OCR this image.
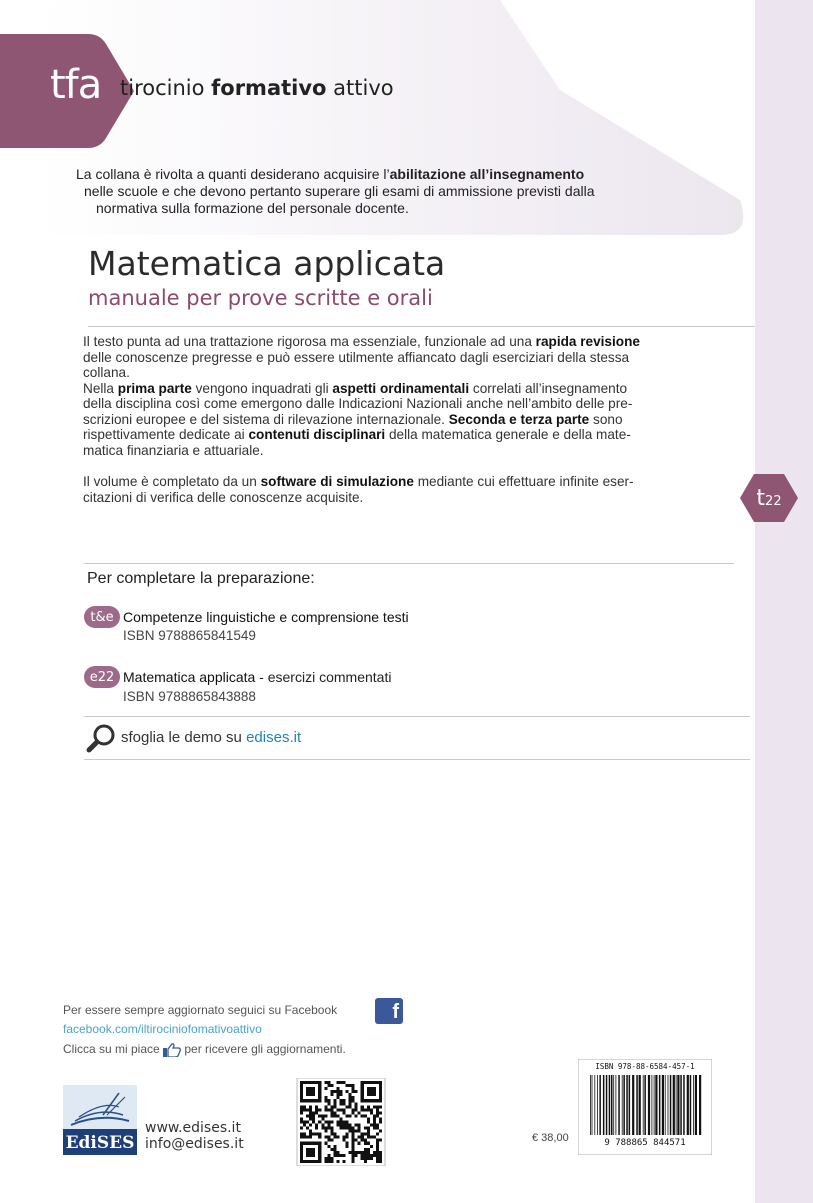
tfa tirocinio formativo attivo
La collana è rivolta a quanti desiderano acquisire l’abilitazione all’insegnamento
nelle scuole e che devono pertanto superare gli esami di ammissione previsti dalla
normativa sulla formazione del personale docente.
Matematica applicata
manuale per prove scritte e orali
Il testo punta ad una trattazione rigorosa ma essenziale, funzionale ad una rapida revisione
delle conoscenze pregresse e può essere utilmente affiancato dagli eserciziari della stessa
collana.
Nella prima parte vengono inquadrati gli aspetti ordinamentali correlati all’insegnamento
della disciplina così come emergono dalle Indicazioni Nazionali anche nell’ambito delle pre-
scrizioni europee e del sistema di rilevazione internazionale. Seconda e terza parte sono
rispettivamente dedicate ai contenuti disciplinari della matematica generale e della mate-
matica finanziaria e attuariale.
Il volume è completato da un software di simulazione mediante cui effettuare infinite eser-
citazioni di verifica delle conoscenze acquisite.	$t_{22}$
Per completare la preparazione:
t&e Competenze linguistiche e comprensione testi
ISBN 9788865841549
e22 Matematica applicata - esercizi commentati
ISBN 9788865843888
sfoglia le demo su edises.it
Per essere sempre aggiornato seguici su Facebook	f
facebook.com/iltirociniofomativoattivo
Clicca su mi piace  per ricevere gli aggiornamenti.
EdiSES
www.edises.it
info@edises.it	€ 38,00	9 788865 844571
ISBN 978-88-6584-457-1
